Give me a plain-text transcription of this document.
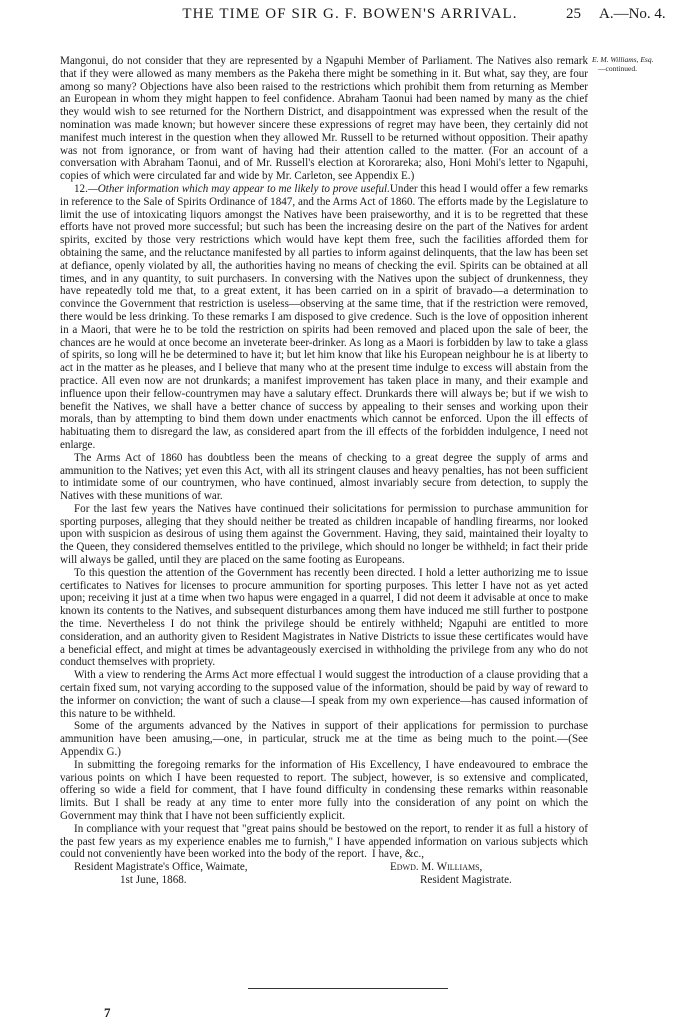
THE TIME OF SIR G. F. BOWEN'S ARRIVAL.	25 A.—No. 4.
E. M. Williams, Esq.
—continued.

Mangonui, do not consider that they are represented by a Ngapuhi Member of Parliament. The Natives also remark that if they were allowed as many members as the Pakeha there might be something in it. But what, say they, are four among so many? Objections have also been raised to the restrictions which prohibit them from returning as Member an European in whom they might happen to feel confidence. Abraham Taonui had been named by many as the chief they would wish to see returned for the Northern District, and disappointment was expressed when the result of the nomination was made known; but however sincere these expressions of regret may have been, they certainly did not manifest much interest in the question when they allowed Mr. Russell to be returned without opposition. Their apathy was not from ignorance, or from want of having had their attention called to the matter. (For an account of a conversation with Abraham Taonui, and of Mr. Russell's election at Kororareka; also, Honi Mohi's letter to Ngapuhi, copies of which were circulated far and wide by Mr. Carleton, see Appendix E.)

12.—Other information which may appear to me likely to prove useful.Under this head I would offer a few remarks in reference to the Sale of Spirits Ordinance of 1847, and the Arms Act of 1860. The efforts made by the Legislature to limit the use of intoxicating liquors amongst the Natives have been praiseworthy, and it is to be regretted that these efforts have not proved more successful; but such has been the increasing desire on the part of the Natives for ardent spirits, excited by those very restrictions which would have kept them free, such the facilities afforded them for obtaining the same, and the reluctance manifested by all parties to inform against delinquents, that the law has been set at defiance, openly violated by all, the authorities having no means of checking the evil. Spirits can be obtained at all times, and in any quantity, to suit purchasers. In conversing with the Natives upon the subject of drunkenness, they have repeatedly told me that, to a great extent, it has been carried on in a spirit of bravado—a determination to convince the Government that restriction is useless—observing at the same time, that if the restriction were removed, there would be less drinking. To these remarks I am disposed to give credence. Such is the love of opposition inherent in a Maori, that were he to be told the restriction on spirits had been removed and placed upon the sale of beer, the chances are he would at once become an inveterate beer-drinker. As long as a Maori is forbidden by law to take a glass of spirits, so long will he be determined to have it; but let him know that like his European neighbour he is at liberty to act in the matter as he pleases, and I believe that many who at the present time indulge to excess will abstain from the practice. All even now are not drunkards; a manifest improvement has taken place in many, and their example and influence upon their fellow-countrymen may have a salutary effect. Drunkards there will always be; but if we wish to benefit the Natives, we shall have a better chance of success by appealing to their senses and working upon their morals, than by attempting to bind them down under enactments which cannot be enforced. Upon the ill effects of habituating them to disregard the law, as considered apart from the ill effects of the forbidden indulgence, I need not enlarge.

The Arms Act of 1860 has doubtless been the means of checking to a great degree the supply of arms and ammunition to the Natives; yet even this Act, with all its stringent clauses and heavy penalties, has not been sufficient to intimidate some of our countrymen, who have continued, almost invariably secure from detection, to supply the Natives with these munitions of war.

For the last few years the Natives have continued their solicitations for permission to purchase ammunition for sporting purposes, alleging that they should neither be treated as children incapable of handling firearms, nor looked upon with suspicion as desirous of using them against the Government. Having, they said, maintained their loyalty to the Queen, they considered themselves entitled to the privilege, which should no longer be withheld; in fact their pride will always be galled, until they are placed on the same footing as Europeans.

To this question the attention of the Government has recently been directed. I hold a letter authorizing me to issue certificates to Natives for licenses to procure ammunition for sporting purposes. This letter I have not as yet acted upon; receiving it just at a time when two hapus were engaged in a quarrel, I did not deem it advisable at once to make known its contents to the Natives, and subsequent disturbances among them have induced me still further to postpone the time. Nevertheless I do not think the privilege should be entirely withheld; Ngapuhi are entitled to more consideration, and an authority given to Resident Magistrates in Native Districts to issue these certificates would have a beneficial effect, and might at times be advantageously exercised in withholding the privilege from any who do not conduct themselves with propriety.

With a view to rendering the Arms Act more effectual I would suggest the introduction of a clause providing that a certain fixed sum, not varying according to the supposed value of the information, should be paid by way of reward to the informer on conviction; the want of such a clause—I speak from my own experience—has caused information of this nature to be withheld.

Some of the arguments advanced by the Natives in support of their applications for permission to purchase ammunition have been amusing,—one, in particular, struck me at the time as being much to the point.—(See Appendix G.)

In submitting the foregoing remarks for the information of His Excellency, I have endeavoured to embrace the various points on which I have been requested to report. The subject, however, is so extensive and complicated, offering so wide a field for comment, that I have found difficulty in condensing these remarks within reasonable limits. But I shall be ready at any time to enter more fully into the consideration of any point on which the Government may think that I have not been sufficiently explicit.

In compliance with your request that "great pains should be bestowed on the report, to render it as full a history of the past few years as my experience enables me to furnish," I have appended information on various subjects which could not conveniently have been worked into the body of the report. I have, &c.,
Resident Magistrate's Office, Waimate,
1st June, 1868.
Edwd. M. Williams,
Resident Magistrate.
7
